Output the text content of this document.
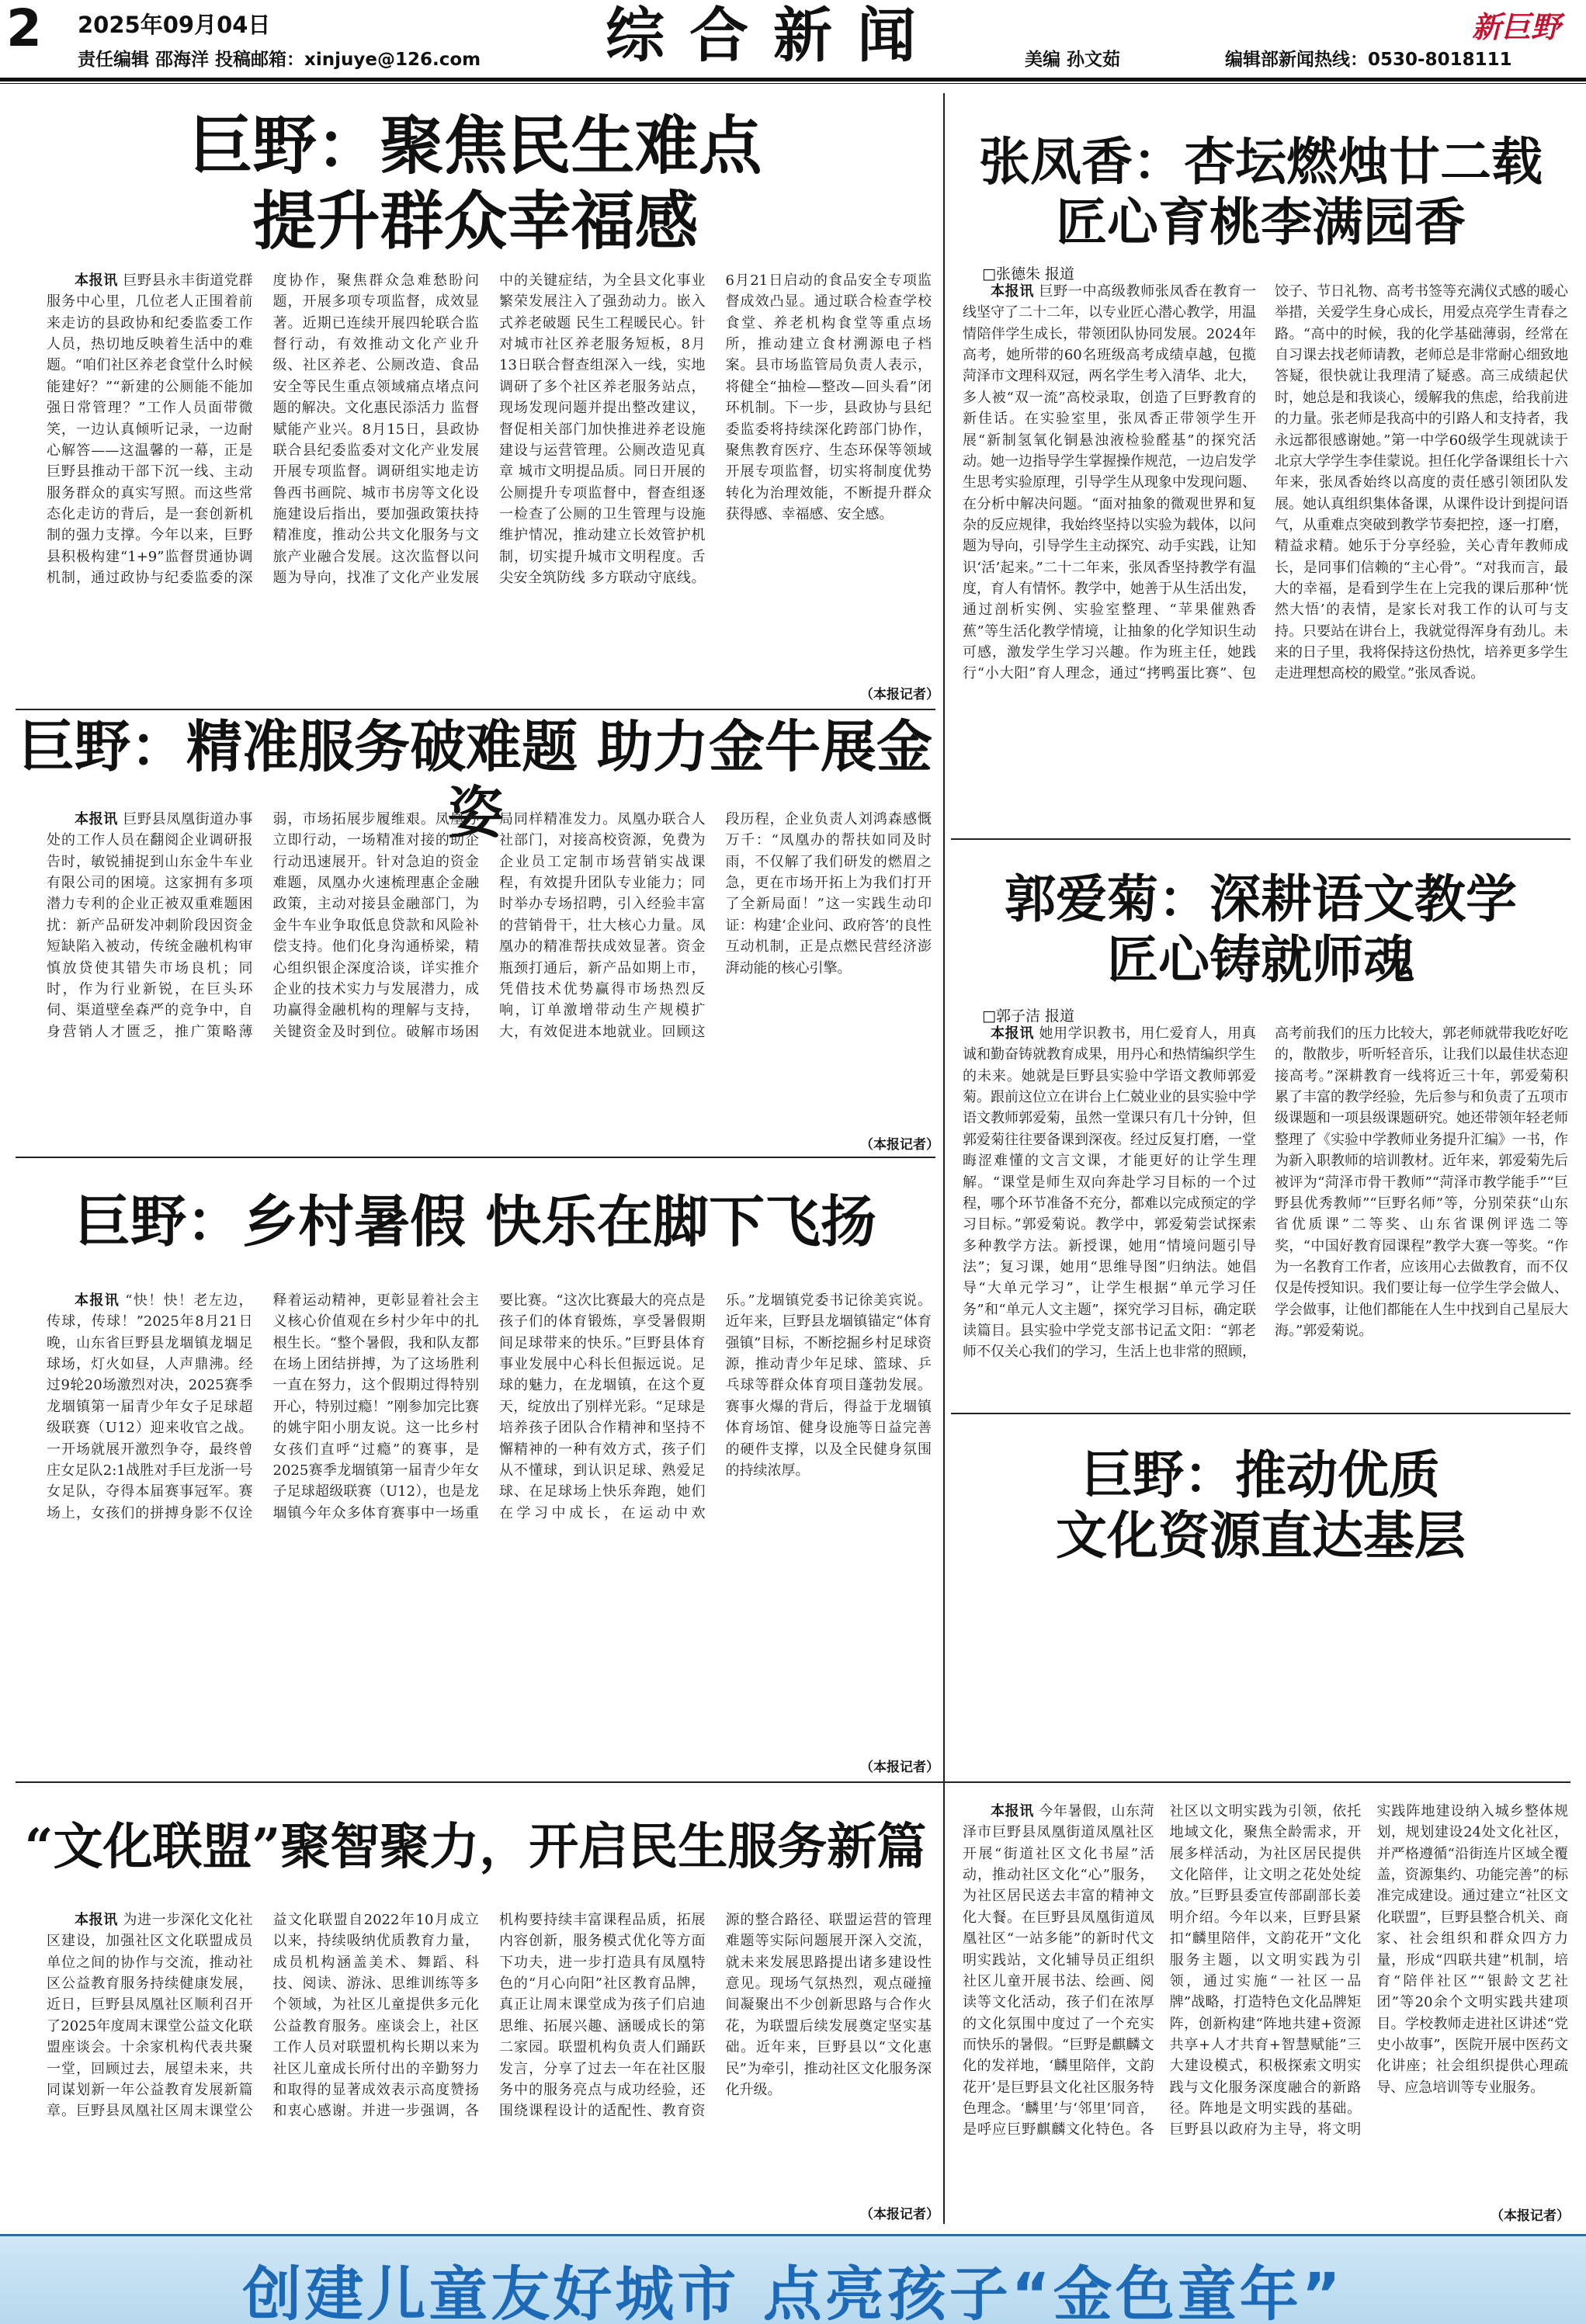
2 2025年09月04日
责任编辑 邵海洋 投稿邮箱：xinjuye@126.com 综合新闻	美编 孙文茹	编辑部新闻热线：0530-8018111
新巨野
巨野：聚焦民生难点
提升群众幸福感

本报讯 巨野县永丰街道党群服务中心里，几位老人正围着前来走访的县政协和纪委监委工作人员，热切地反映着生活中的难题。“咱们社区养老食堂什么时候能建好？”“新建的公厕能不能加强日常管理？”工作人员面带微笑，一边认真倾听记录，一边耐心解答——这温馨的一幕，正是巨野县推动干部下沉一线、主动服务群众的真实写照。而这些常态化走访的背后，是一套创新机制的强力支撑。今年以来，巨野县积极构建“1+9”监督贯通协调机制，通过政协与纪委监委的深度协作，聚焦群众急难愁盼问题，开展多项专项监督，成效显著。近期已连续开展四轮联合监督行动，有效推动文化产业升级、社区养老、公厕改造、食品安全等民生重点领域痛点堵点问题的解决。文化惠民添活力 监督赋能产业兴。8月15日，县政协联合县纪委监委对文化产业发展开展专项监督。调研组实地走访鲁西书画院、城市书房等文化设施建设后指出，要加强政策扶持精准度，推动公共文化服务与文旅产业融合发展。这次监督以问题为导向，找准了文化产业发展中的关键症结，为全县文化事业繁荣发展注入了强劲动力。嵌入式养老破题 民生工程暖民心。针对城市社区养老服务短板，8月13日联合督查组深入一线，实地调研了多个社区养老服务站点，现场发现问题并提出整改建议，督促相关部门加快推进养老设施建设与运营管理。公厕改造见真章 城市文明提品质。同日开展的公厕提升专项监督中，督查组逐一检查了公厕的卫生管理与设施维护情况，推动建立长效管护机制，切实提升城市文明程度。舌尖安全筑防线 多方联动守底线。6月21日启动的食品安全专项监督成效凸显。通过联合检查学校食堂、养老机构食堂等重点场所，推动建立食材溯源电子档案。县市场监管局负责人表示，将健全“抽检—整改—回头看”闭环机制。下一步，县政协与县纪委监委将持续深化跨部门协作，聚焦教育医疗、生态环保等领域开展专项监督，切实将制度优势转化为治理效能，不断提升群众获得感、幸福感、安全感。

（本报记者）
张凤香：杏坛燃烛廿二载
匠心育桃李满园香
□张德朱 报道

本报讯 巨野一中高级教师张凤香在教育一线坚守了二十二年，以专业匠心潜心教学，用温情陪伴学生成长，带领团队协同发展。2024年高考，她所带的60名班级高考成绩卓越，包揽菏泽市文理科双冠，两名学生考入清华、北大，多人被“双一流”高校录取，创造了巨野教育的新佳话。在实验室里，张凤香正带领学生开展“新制氢氧化铜悬浊液检验醛基”的探究活动。她一边指导学生掌握操作规范，一边启发学生思考实验原理，引导学生从现象中发现问题、在分析中解决问题。“面对抽象的微观世界和复杂的反应规律，我始终坚持以实验为载体，以问题为导向，引导学生主动探究、动手实践，让知识‘活’起来。”二十二年来，张凤香坚持教学有温度，育人有情怀。教学中，她善于从生活出发，通过剖析实例、实验室整理、“苹果催熟香蕉”等生活化教学情境，让抽象的化学知识生动可感，激发学生学习兴趣。作为班主任，她践行“小大阳”育人理念，通过“拷鸭蛋比赛”、包饺子、节日礼物、高考书签等充满仪式感的暖心举措，关爱学生身心成长，用爱点亮学生青春之路。“高中的时候，我的化学基础薄弱，经常在自习课去找老师请教，老师总是非常耐心细致地答疑，很快就让我理清了疑惑。高三成绩起伏时，她总是和我谈心，缓解我的焦虑，给我前进的力量。张老师是我高中的引路人和支持者，我永远都很感谢她。”第一中学60级学生现就读于北京大学学生李佳蒙说。担任化学备课组长十六年来，张凤香始终以高度的责任感引领团队发展。她认真组织集体备课，从课件设计到提问语气，从重难点突破到教学节奏把控，逐一打磨，精益求精。她乐于分享经验，关心青年教师成长，是同事们信赖的“主心骨”。“对我而言，最大的幸福，是看到学生在上完我的课后那种‘恍然大悟’的表情，是家长对我工作的认可与支持。只要站在讲台上，我就觉得浑身有劲儿。未来的日子里，我将保持这份热忱，培养更多学生走进理想高校的殿堂。”张凤香说。

巨野：精准服务破难题 助力金牛展金姿

本报讯 巨野县凤凰街道办事处的工作人员在翻阅企业调研报告时，敏锐捕捉到山东金牛车业有限公司的困境。这家拥有多项潜力专利的企业正被双重难题困扰：新产品研发冲刺阶段因资金短缺陷入被动，传统金融机构审慎放贷使其错失市场良机；同时，作为行业新锐，在巨头环伺、渠道壁垒森严的竞争中，自身营销人才匮乏，推广策略薄弱，市场拓展步履维艰。凤凰办立即行动，一场精准对接的助企行动迅速展开。针对急迫的资金难题，凤凰办火速梳理惠企金融政策，主动对接县金融部门，为金牛车业争取低息贷款和风险补偿支持。他们化身沟通桥梁，精心组织银企深度洽谈，详实推介企业的技术实力与发展潜力，成功赢得金融机构的理解与支持，关键资金及时到位。破解市场困局同样精准发力。凤凰办联合人社部门，对接高校资源，免费为企业员工定制市场营销实战课程，有效提升团队专业能力；同时举办专场招聘，引入经验丰富的营销骨干，壮大核心力量。凤凰办的精准帮扶成效显著。资金瓶颈打通后，新产品如期上市，凭借技术优势赢得市场热烈反响，订单激增带动生产规模扩大，有效促进本地就业。回顾这段历程，企业负责人刘鸿森感慨万千：“凤凰办的帮扶如同及时雨，不仅解了我们研发的燃眉之急，更在市场开拓上为我们打开了全新局面！”这一实践生动印证：构建‘企业问、政府答’的良性互动机制，正是点燃民营经济澎湃动能的核心引擎。

（本报记者）
郭爱菊：深耕语文教学
匠心铸就师魂
□郭子洁 报道

本报讯 她用学识教书，用仁爱育人，用真诚和勤奋铸就教育成果，用丹心和热情编织学生的未来。她就是巨野县实验中学语文教师郭爱菊。跟前这位立在讲台上仁兢业业的县实验中学语文教师郭爱菊，虽然一堂课只有几十分钟，但郭爱菊往往要备课到深夜。经过反复打磨，一堂晦涩难懂的文言文课，才能更好的让学生理解。“课堂是师生双向奔赴学习目标的一个过程，哪个环节准备不充分，都难以完成预定的学习目标。”郭爱菊说。教学中，郭爱菊尝试探索多种教学方法。新授课，她用“情境问题引导法”；复习课，她用“思维导图”归纳法。她倡导“大单元学习”，让学生根据“单元学习任务”和“单元人文主题”，探究学习目标，确定联读篇目。县实验中学党支部书记孟文阳：“郭老师不仅关心我们的学习，生活上也非常的照顾，高考前我们的压力比较大，郭老师就带我吃好吃的，散散步，听听轻音乐，让我们以最佳状态迎接高考。”深耕教育一线将近三十年，郭爱菊积累了丰富的教学经验，先后参与和负责了五项市级课题和一项县级课题研究。她还带领年轻老师整理了《实验中学教师业务提升汇编》一书，作为新入职教师的培训教材。近年来，郭爱菊先后被评为“菏泽市骨干教师”“菏泽市教学能手”“巨野县优秀教师”“巨野名师”等，分别荣获“山东省优质课”二等奖、山东省课例评选二等奖，“中国好教育园课程”教学大赛一等奖。“作为一名教育工作者，应该用心去做教育，而不仅仅是传授知识。我们要让每一位学生学会做人、学会做事，让他们都能在人生中找到自己星辰大海。”郭爱菊说。

巨野：乡村暑假 快乐在脚下飞扬

本报讯 “快！快！老左边，传球，传球！”2025年8月21日晚，山东省巨野县龙堌镇龙堌足球场，灯火如昼，人声鼎沸。经过9轮20场激烈对决，2025赛季龙堌镇第一届青少年女子足球超级联赛（U12）迎来收官之战。一开场就展开激烈争夺，最终曾庄女足队2:1战胜对手巨龙浙一号女足队，夺得本届赛事冠军。赛场上，女孩们的拼搏身影不仅诠释着运动精神，更彰显着社会主义核心价值观在乡村少年中的扎根生长。“整个暑假，我和队友都在场上团结拼搏，为了这场胜利一直在努力，这个假期过得特别开心，特别过瘾！”刚参加完比赛的姚宇阳小朋友说。这一比乡村女孩们直呼“过瘾”的赛事，是2025赛季龙堌镇第一届青少年女子足球超级联赛（U12），也是龙堌镇今年众多体育赛事中一场重要比赛。“这次比赛最大的亮点是孩子们的体育锻炼，享受暑假期间足球带来的快乐。”巨野县体育事业发展中心科长但振远说。足球的魅力，在龙堌镇，在这个夏天，绽放出了别样光彩。“足球是培养孩子团队合作精神和坚持不懈精神的一种有效方式，孩子们从不懂球，到认识足球、熟爱足球、在足球场上快乐奔跑，她们在学习中成长，在运动中欢乐。”龙堌镇党委书记徐美宾说。近年来，巨野县龙堌镇锚定“体育强镇”目标，不断挖掘乡村足球资源，推动青少年足球、篮球、乒乓球等群众体育项目蓬勃发展。赛事火爆的背后，得益于龙堌镇体育场馆、健身设施等日益完善的硬件支撑，以及全民健身氛围的持续浓厚。

（本报记者）
巨野：推动优质
文化资源直达基层

本报讯 今年暑假，山东菏泽市巨野县凤凰街道凤凰社区开展“街道社区文化书屋”活动，推动社区文化“心”服务，为社区居民送去丰富的精神文化大餐。在巨野县凤凰街道凤凰社区“一站多能”的新时代文明实践站，文化辅导员正组织社区儿童开展书法、绘画、阅读等文化活动，孩子们在浓厚的文化氛围中度过了一个充实而快乐的暑假。“巨野是麒麟文化的发祥地，‘麟里陪伴，文韵花开’是巨野县文化社区服务特色理念。‘麟里’与‘邻里’同音，是呼应巨野麒麟文化特色。各社区以文明实践为引领，依托地域文化，聚焦全龄需求，开展多样活动，为社区居民提供文化陪伴，让文明之花处处绽放。”巨野县委宣传部副部长姜明介绍。今年以来，巨野县紧扣“麟里陪伴，文韵花开”文化服务主题，以文明实践为引领，通过实施“一社区一品牌”战略，打造特色文化品牌矩阵，创新构建“阵地共建+资源共享+人才共育+智慧赋能”三大建设模式，积极探索文明实践与文化服务深度融合的新路径。阵地是文明实践的基础。巨野县以政府为主导，将文明实践阵地建设纳入城乡整体规划，规划建设24处文化社区，并严格遵循“沿街连片区域全覆盖，资源集约、功能完善”的标准完成建设。通过建立“社区文化联盟”，巨野县整合机关、商家、社会组织和群众四方力量，形成“四联共建”机制，培育“陪伴社区”“银龄文艺社团”等20余个文明实践共建项目。学校教师走进社区讲述“党史小故事”，医院开展中医药文化讲座；社会组织提供心理疏导、应急培训等专业服务。

（本报记者）
“文化联盟”聚智聚力，开启民生服务新篇

本报讯 为进一步深化文化社区建设，加强社区文化联盟成员单位之间的协作与交流，推动社区公益教育服务持续健康发展，近日，巨野县凤凰社区顺利召开了2025年度周末课堂公益文化联盟座谈会。十余家机构代表共聚一堂，回顾过去，展望未来，共同谋划新一年公益教育发展新篇章。巨野县凤凰社区周末课堂公益文化联盟自2022年10月成立以来，持续吸纳优质教育力量，成员机构涵盖美术、舞蹈、科技、阅读、游泳、思维训练等多个领域，为社区儿童提供多元化公益教育服务。座谈会上，社区工作人员对联盟机构长期以来为社区儿童成长所付出的辛勤努力和取得的显著成效表示高度赞扬和衷心感谢。并进一步强调，各机构要持续丰富课程品质，拓展内容创新，服务模式优化等方面下功夫，进一步打造具有凤凰特色的“月心向阳”社区教育品牌，真正让周末课堂成为孩子们启迪思维、拓展兴趣、涵暖成长的第二家园。联盟机构负责人们踊跃发言，分享了过去一年在社区服务中的服务亮点与成功经验，还围绕课程设计的适配性、教育资源的整合路径、联盟运营的管理难题等实际问题展开深入交流，就未来发展思路提出诸多建设性意见。现场气氛热烈，观点碰撞间凝聚出不少创新思路与合作火花，为联盟后续发展奠定坚实基础。近年来，巨野县以“文化惠民”为牵引，推动社区文化服务深化升级。

（本报记者）
创建儿童友好城市 点亮孩子“金色童年”
